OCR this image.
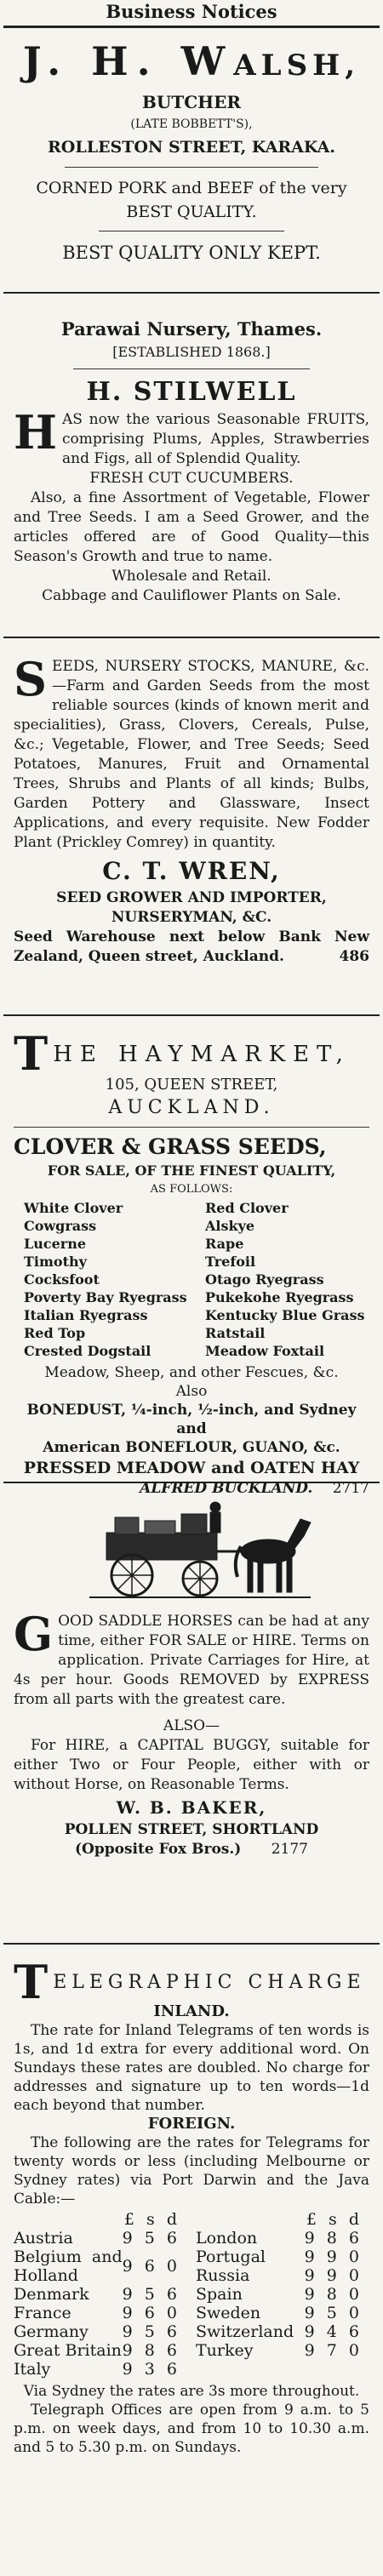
Business Notices
J. H. WALSH,
BUTCHER
(LATE BOBBETT'S),
ROLLESTON STREET, KARAKA.
CORNED PORK and BEEF of the very
BEST QUALITY.
BEST QUALITY ONLY KEPT.
Parawai Nursery, Thames.
[ESTABLISHED 1868.]
H. STILWELL
H AS now the various Seasonable FRUITS, comprising Plums, Apples, Strawberries and Figs, all of Splendid Quality.
FRESH CUT CUCUMBERS.
Also, a fine Assortment of Vegetable, Flower and Tree Seeds. I am a Seed Grower, and the articles offered are of Good Quality—this Season's Growth and true to name.
Wholesale and Retail.
Cabbage and Cauliflower Plants on Sale.
S EEDS, NURSERY STOCKS, MANURE, &c.—Farm and Garden Seeds from the most reliable sources (kinds of known merit and specialities), Grass, Clovers, Cereals, Pulse, &c.; Vegetable, Flower, and Tree Seeds; Seed Potatoes, Manures, Fruit and Ornamental Trees, Shrubs and Plants of all kinds; Bulbs, Garden Pottery and Glassware, Insect Applications, and every requisite. New Fodder Plant (Prickley Comrey) in quantity.
C. T. WREN,
SEED GROWER AND IMPORTER,
NURSERYMAN, &C.
Seed Warehouse next below Bank New Zealand, Queen street, Auckland.	486
T HE HAYMARKET,
105, QUEEN STREET,
AUCKLAND.
CLOVER & GRASS SEEDS,
FOR SALE, OF THE FINEST QUALITY,
AS FOLLOWS:
White Clover
Cowgrass
Lucerne
Timothy
Cocksfoot
Poverty Bay Ryegrass
Italian Ryegrass
Red Top
Crested Dogstail
Red Clover
Alskye
Rape
Trefoil
Otago Ryegrass
Pukekohe Ryegrass
Kentucky Blue Grass
Ratstail
Meadow Foxtail
Meadow, Sheep, and other Fescues, &c.
Also
BONEDUST, ¼-inch, ½-inch, and Sydney and
American BONEFLOUR, GUANO, &c.
PRESSED MEADOW and OATEN HAY
ALFRED BUCKLAND. 2717
G OOD SADDLE HORSES can be had at any time, either FOR SALE or HIRE. Terms on application. Private Carriages for Hire, at 4s per hour. Goods REMOVED by EXPRESS from all parts with the greatest care.
ALSO—
For HIRE, a CAPITAL BUGGY, suitable for either Two or Four People, either with or without Horse, on Reasonable Terms.
W. B. BAKER,
POLLEN STREET, SHORTLAND
(Opposite Fox Bros.) 2177
T ELEGRAPHIC CHARGE
INLAND.
The rate for Inland Telegrams of ten words is 1s, and 1d extra for every additional word. On Sundays these rates are doubled. No charge for addresses and signature up to ten words—1d each beyond that number.
FOREIGN.
The following are the rates for Telegrams for twenty words or less (including Melbourne or Sydney rates) via Port Darwin and the Java Cable:—
	£ s d
Austria	9 5 6
Belgium and Holland	9 6 0
Denmark	9 5 6
France	9 6 0
Germany	9 5 6
Great Britain	9 8 6
Italy	9 3 6
	£ s d
London	9 8 6
Portugal	9 9 0
Russia	9 9 0
Spain	9 8 0
Sweden	9 5 0
Switzerland	9 4 6
Turkey	9 7 0
Via Sydney the rates are 3s more throughout.
Telegraph Offices are open from 9 a.m. to 5 p.m. on week days, and from 10 to 10.30 a.m. and 5 to 5.30 p.m. on Sundays.
